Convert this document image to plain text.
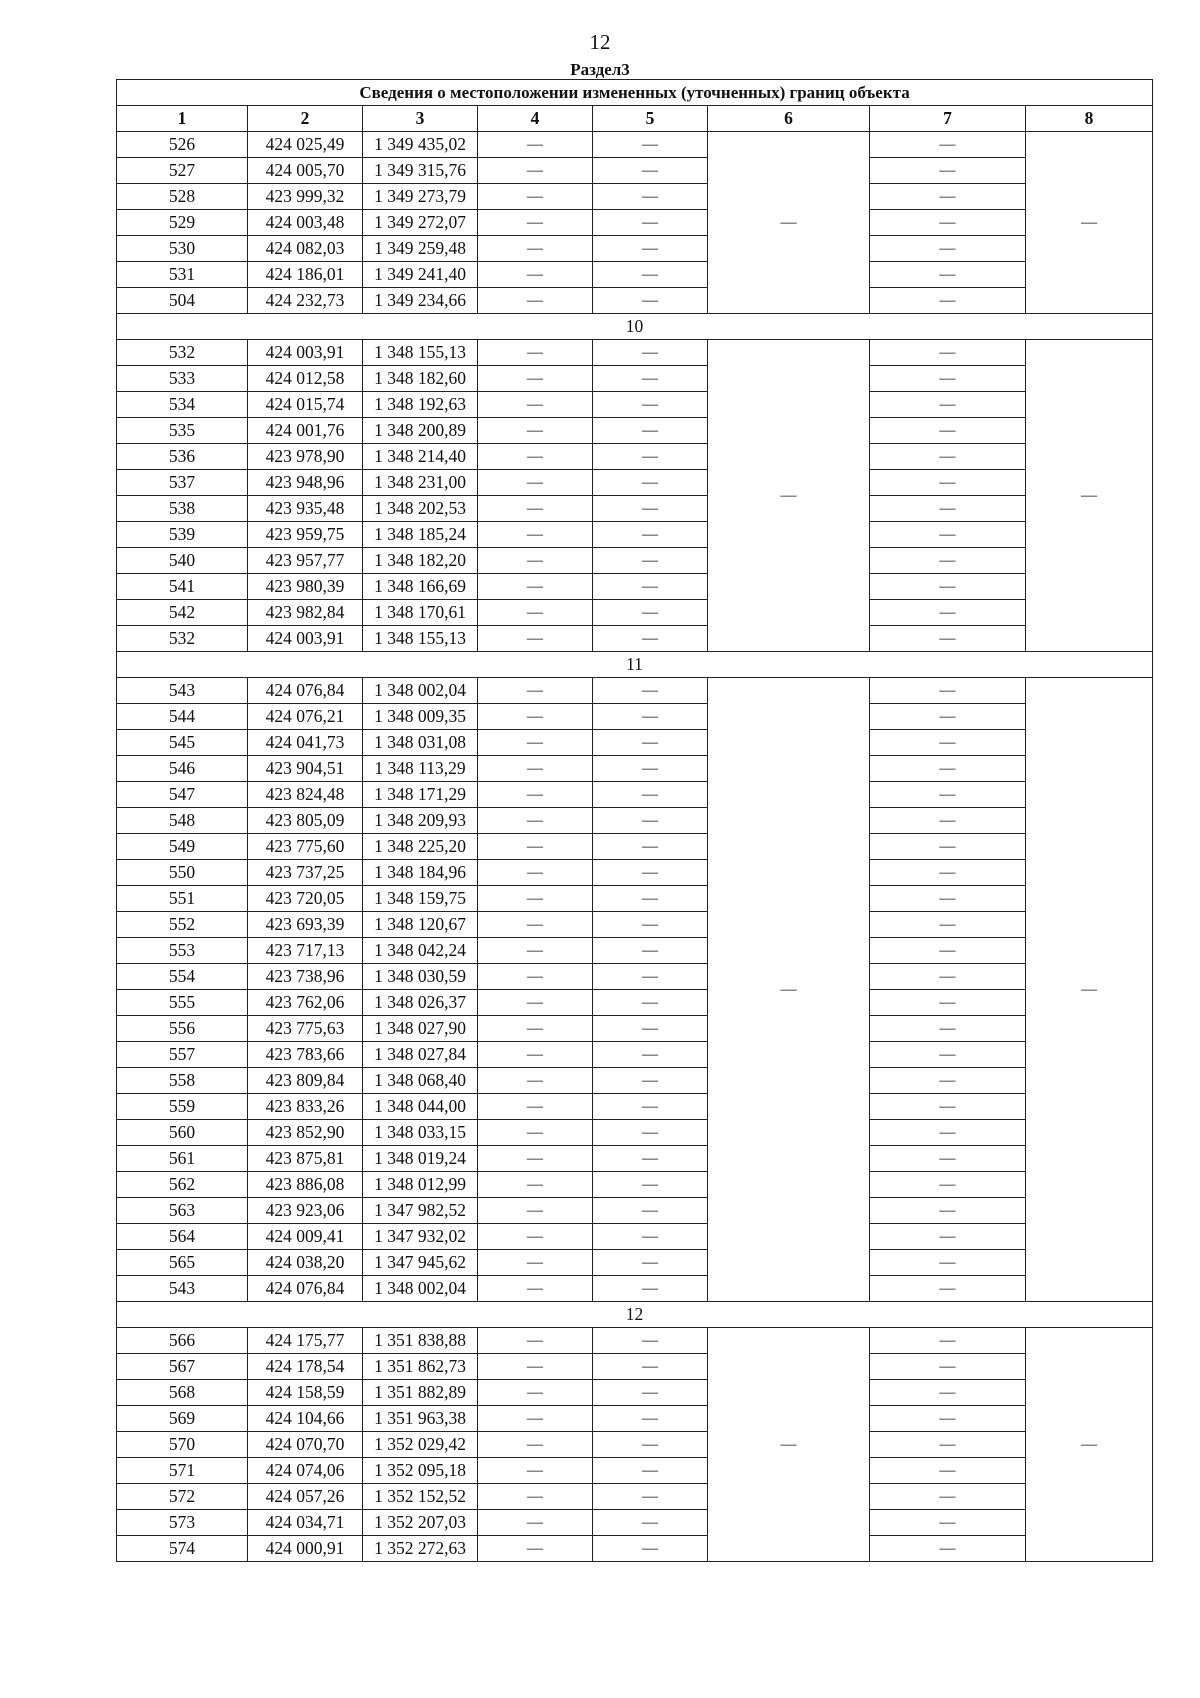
12
Раздел3
Сведения о местоположении измененных (уточненных) границ объекта							
1	2	3	4	5	6	7	8
526	424 025,49	1 349 435,02	—	—	—	—	—
527	424 005,70	1 349 315,76	—	—		—	
528	423 999,32	1 349 273,79	—	—		—	
529	424 003,48	1 349 272,07	—	—		—	
530	424 082,03	1 349 259,48	—	—		—	
531	424 186,01	1 349 241,40	—	—		—	
504	424 232,73	1 349 234,66	—	—		—	
10							
532	424 003,91	1 348 155,13	—	—	—	—	—
533	424 012,58	1 348 182,60	—	—		—	
534	424 015,74	1 348 192,63	—	—		—	
535	424 001,76	1 348 200,89	—	—		—	
536	423 978,90	1 348 214,40	—	—		—	
537	423 948,96	1 348 231,00	—	—		—	
538	423 935,48	1 348 202,53	—	—		—	
539	423 959,75	1 348 185,24	—	—		—	
540	423 957,77	1 348 182,20	—	—		—	
541	423 980,39	1 348 166,69	—	—		—	
542	423 982,84	1 348 170,61	—	—		—	
532	424 003,91	1 348 155,13	—	—		—	
11							
543	424 076,84	1 348 002,04	—	—	—	—	—
544	424 076,21	1 348 009,35	—	—		—	
545	424 041,73	1 348 031,08	—	—		—	
546	423 904,51	1 348 113,29	—	—		—	
547	423 824,48	1 348 171,29	—	—		—	
548	423 805,09	1 348 209,93	—	—		—	
549	423 775,60	1 348 225,20	—	—		—	
550	423 737,25	1 348 184,96	—	—		—	
551	423 720,05	1 348 159,75	—	—		—	
552	423 693,39	1 348 120,67	—	—		—	
553	423 717,13	1 348 042,24	—	—		—	
554	423 738,96	1 348 030,59	—	—		—	
555	423 762,06	1 348 026,37	—	—		—	
556	423 775,63	1 348 027,90	—	—		—	
557	423 783,66	1 348 027,84	—	—		—	
558	423 809,84	1 348 068,40	—	—		—	
559	423 833,26	1 348 044,00	—	—		—	
560	423 852,90	1 348 033,15	—	—		—	
561	423 875,81	1 348 019,24	—	—		—	
562	423 886,08	1 348 012,99	—	—		—	
563	423 923,06	1 347 982,52	—	—		—	
564	424 009,41	1 347 932,02	—	—		—	
565	424 038,20	1 347 945,62	—	—		—	
543	424 076,84	1 348 002,04	—	—		—	
12							
566	424 175,77	1 351 838,88	—	—	—	—	—
567	424 178,54	1 351 862,73	—	—		—	
568	424 158,59	1 351 882,89	—	—		—	
569	424 104,66	1 351 963,38	—	—		—	
570	424 070,70	1 352 029,42	—	—		—	
571	424 074,06	1 352 095,18	—	—		—	
572	424 057,26	1 352 152,52	—	—		—	
573	424 034,71	1 352 207,03	—	—		—	
574	424 000,91	1 352 272,63	—	—		—	
